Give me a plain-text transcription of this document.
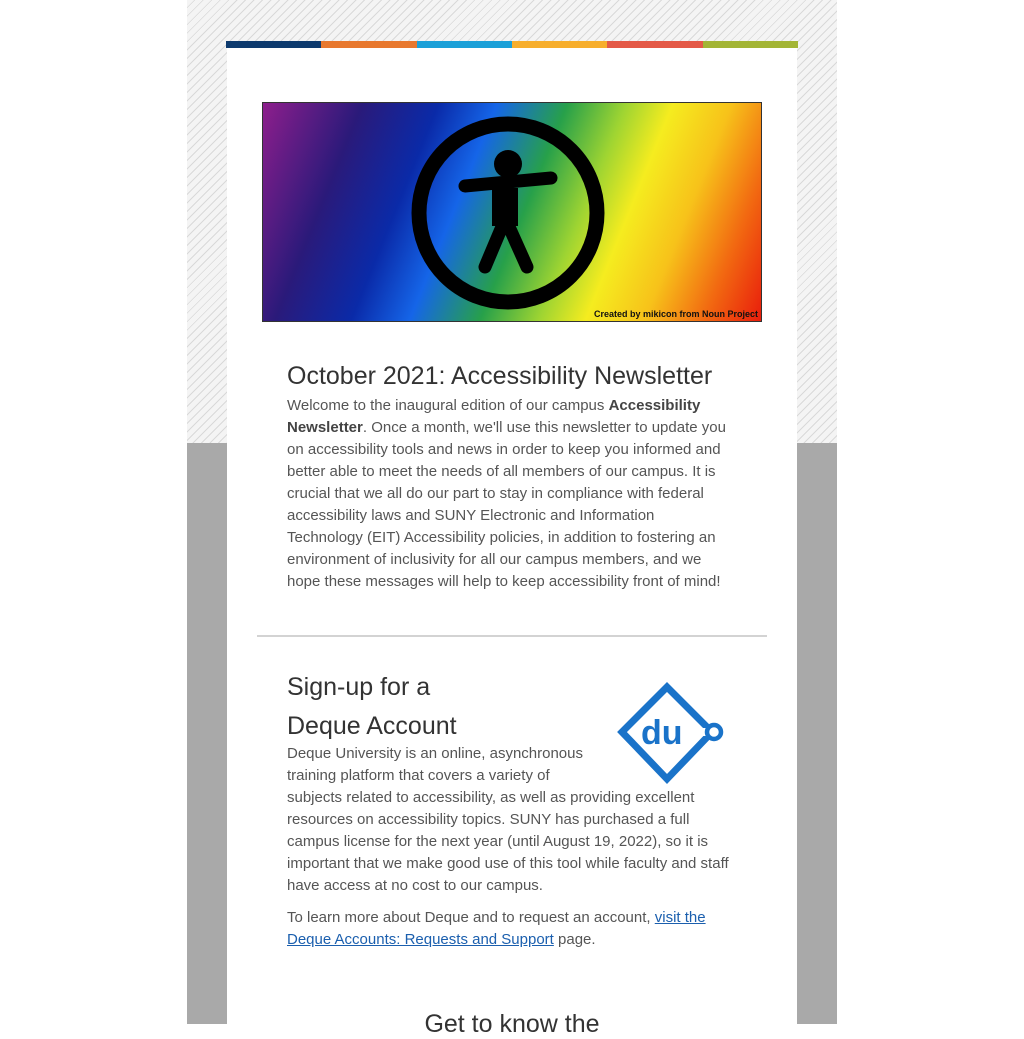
Created by mikicon from Noun Project
October 2021: Accessibility Newsletter

Welcome to the inaugural edition of our campus Accessibility Newsletter. Once a month, we'll use this newsletter to update you on accessibility tools and news in order to keep you informed and better able to meet the needs of all members of our campus. It is crucial that we all do our part to stay in compliance with federal accessibility laws and SUNY Electronic and Information Technology (EIT) Accessibility policies, in addition to fostering an environment of inclusivity for all our campus members, and we hope these messages will help to keep accessibility front of mind!

du
Sign-up for a
Deque Account

Deque University is an online, asynchronous training platform that covers a variety of subjects related to accessibility, as well as providing excellent resources on accessibility topics. SUNY has purchased a full campus license for the next year (until August 19, 2022), so it is important that we make good use of this tool while faculty and staff have access at no cost to our campus.

To learn more about Deque and to request an account, visit the Deque Accounts: Requests and Support page.

Get to know the
